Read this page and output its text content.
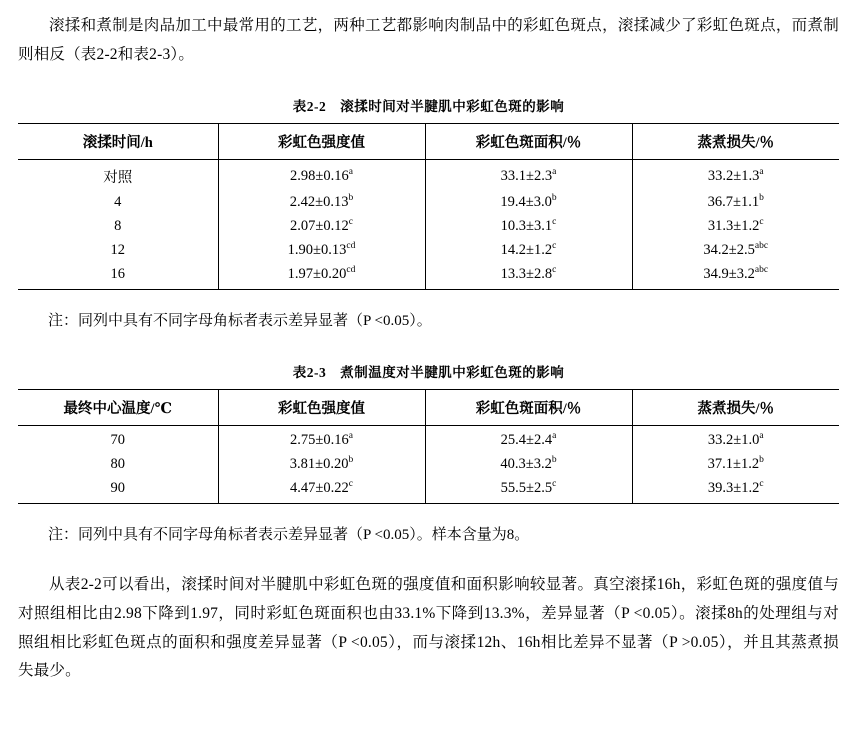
滚揉和煮制是肉品加工中最常用的工艺，两种工艺都影响肉制品中的彩虹色斑点，滚揉减少了彩虹色斑点，而煮制则相反（表2-2和表2-3）。

表2-2 滚揉时间对半腱肌中彩虹色斑的影响
滚揉时间/h	彩虹色强度值	彩虹色斑面积/％	蒸煮损失/％
对照	2.98±0.16$^a$	33.1±2.3$^a$	33.2±1.3$^a$
4	2.42±0.13$^b$	19.4±3.0$^b$	36.7±1.1$^b$
8	2.07±0.12$^c$	10.3±3.1$^c$	31.3±1.2$^c$
12	1.90±0.13$^{cd}$	14.2±1.2$^c$	34.2±2.5$^{abc}$
16	1.97±0.20$^{cd}$	13.3±2.8$^c$	34.9±3.2$^{abc}$

注：同列中具有不同字母角标者表示差异显著（P <0.05）。

表2-3 煮制温度对半腱肌中彩虹色斑的影响
最终中心温度/℃	彩虹色强度值	彩虹色斑面积/％	蒸煮损失/％
70	2.75±0.16$^a$	25.4±2.4$^a$	33.2±1.0$^a$
80	3.81±0.20$^b$	40.3±3.2$^b$	37.1±1.2$^b$
90	4.47±0.22$^c$	55.5±2.5$^c$	39.3±1.2$^c$

注：同列中具有不同字母角标者表示差异显著（P <0.05）。样本含量为8。

从表2-2可以看出，滚揉时间对半腱肌中彩虹色斑的强度值和面积影响较显著。真空滚揉16h，彩虹色斑的强度值与对照组相比由2.98下降到1.97，同时彩虹色斑面积也由33.1%下降到13.3%，差异显著（P <0.05）。滚揉8h的处理组与对照组相比彩虹色斑点的面积和强度差异显著（P <0.05），而与滚揉12h、16h相比差异不显著（P >0.05），并且其蒸煮损失最少。
